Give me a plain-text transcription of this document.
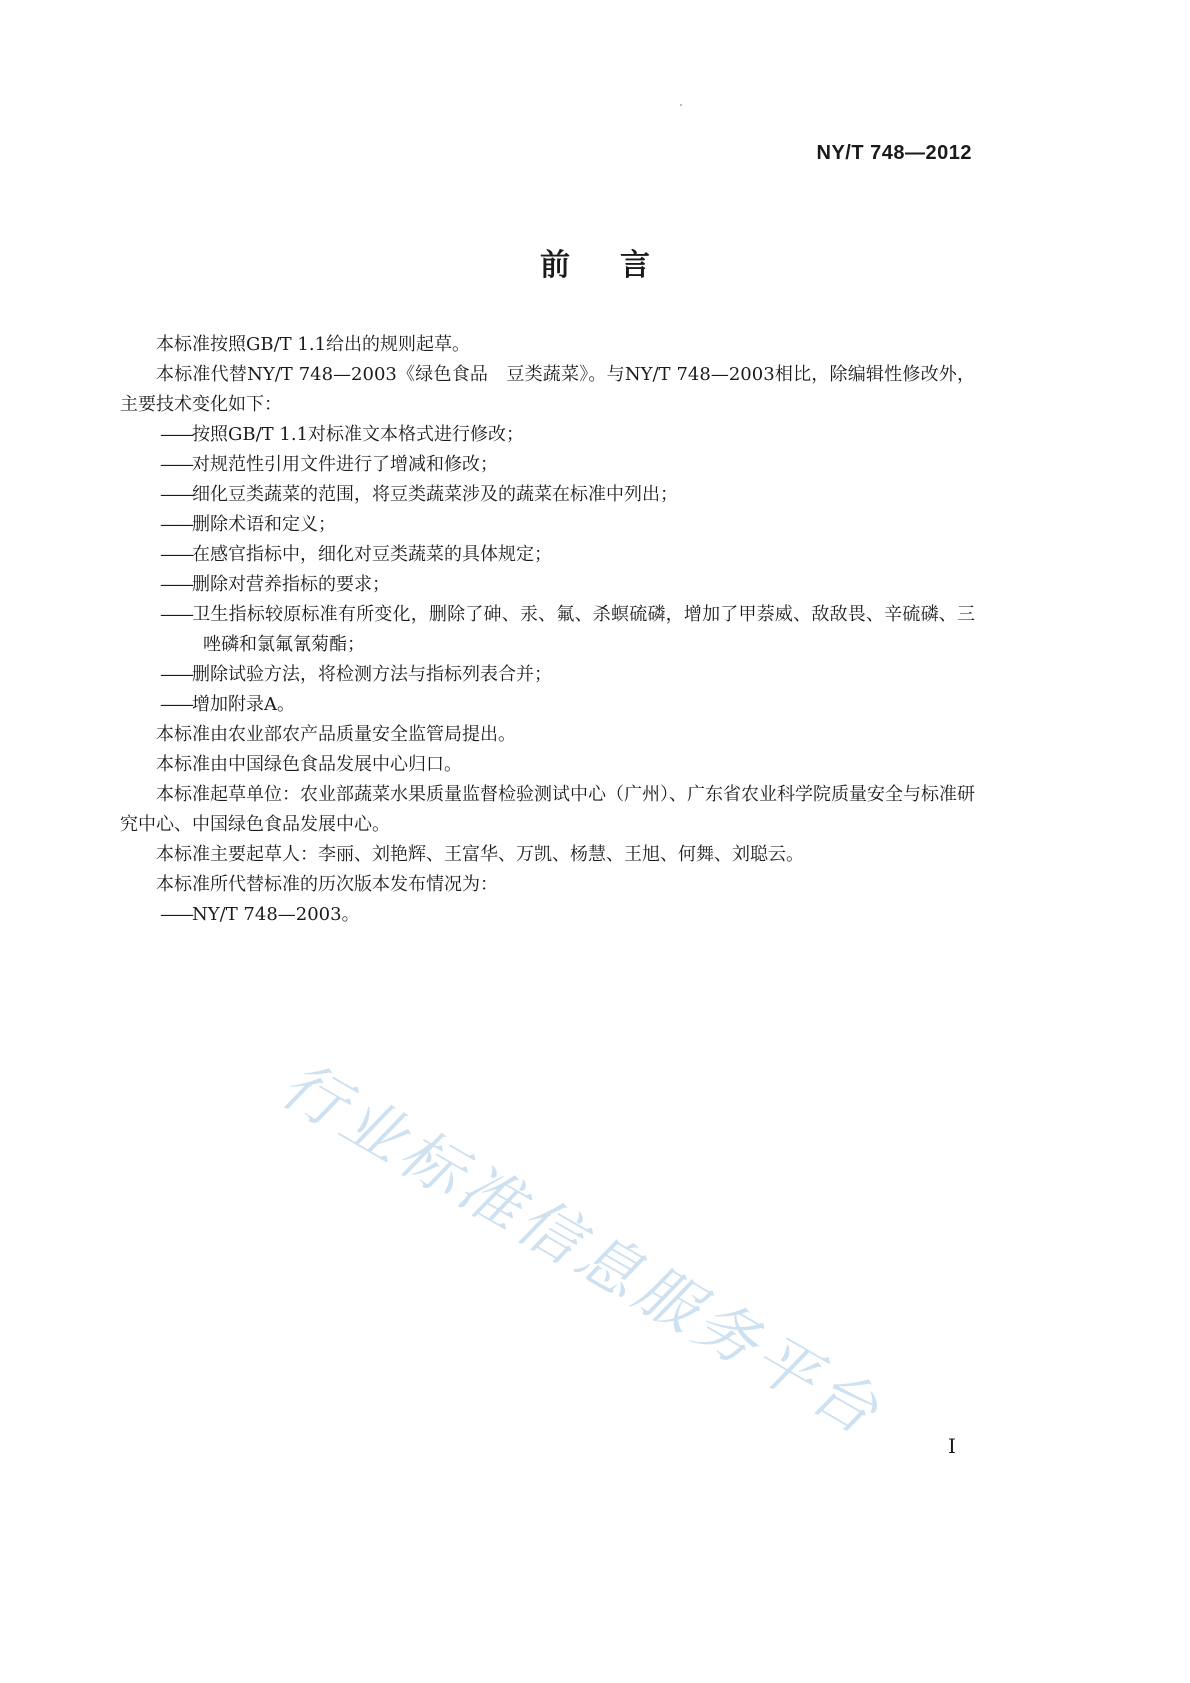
NY/T 748—2012
前言

本标准按照GB/T 1.1给出的规则起草。

本标准代替NY/T 748—2003《绿色食品　豆类蔬菜》。与NY/T 748—2003相比，除编辑性修改外，主要技术变化如下：

——按照GB/T 1.1对标准文本格式进行修改；

——对规范性引用文件进行了增减和修改；

——细化豆类蔬菜的范围，将豆类蔬菜涉及的蔬菜在标准中列出；

——删除术语和定义；

——在感官指标中，细化对豆类蔬菜的具体规定；

——删除对营养指标的要求；

——卫生指标较原标准有所变化，删除了砷、汞、氟、杀螟硫磷，增加了甲萘威、敌敌畏、辛硫磷、三唑磷和氯氟氰菊酯；

——删除试验方法，将检测方法与指标列表合并；

——增加附录A。

本标准由农业部农产品质量安全监管局提出。

本标准由中国绿色食品发展中心归口。

本标准起草单位：农业部蔬菜水果质量监督检验测试中心（广州）、广东省农业科学院质量安全与标准研究中心、中国绿色食品发展中心。

本标准主要起草人：李丽、刘艳辉、王富华、万凯、杨慧、王旭、何舞、刘聪云。

本标准所代替标准的历次版本发布情况为：

——NY/T 748—2003。

行业标准信息服务平台	I
